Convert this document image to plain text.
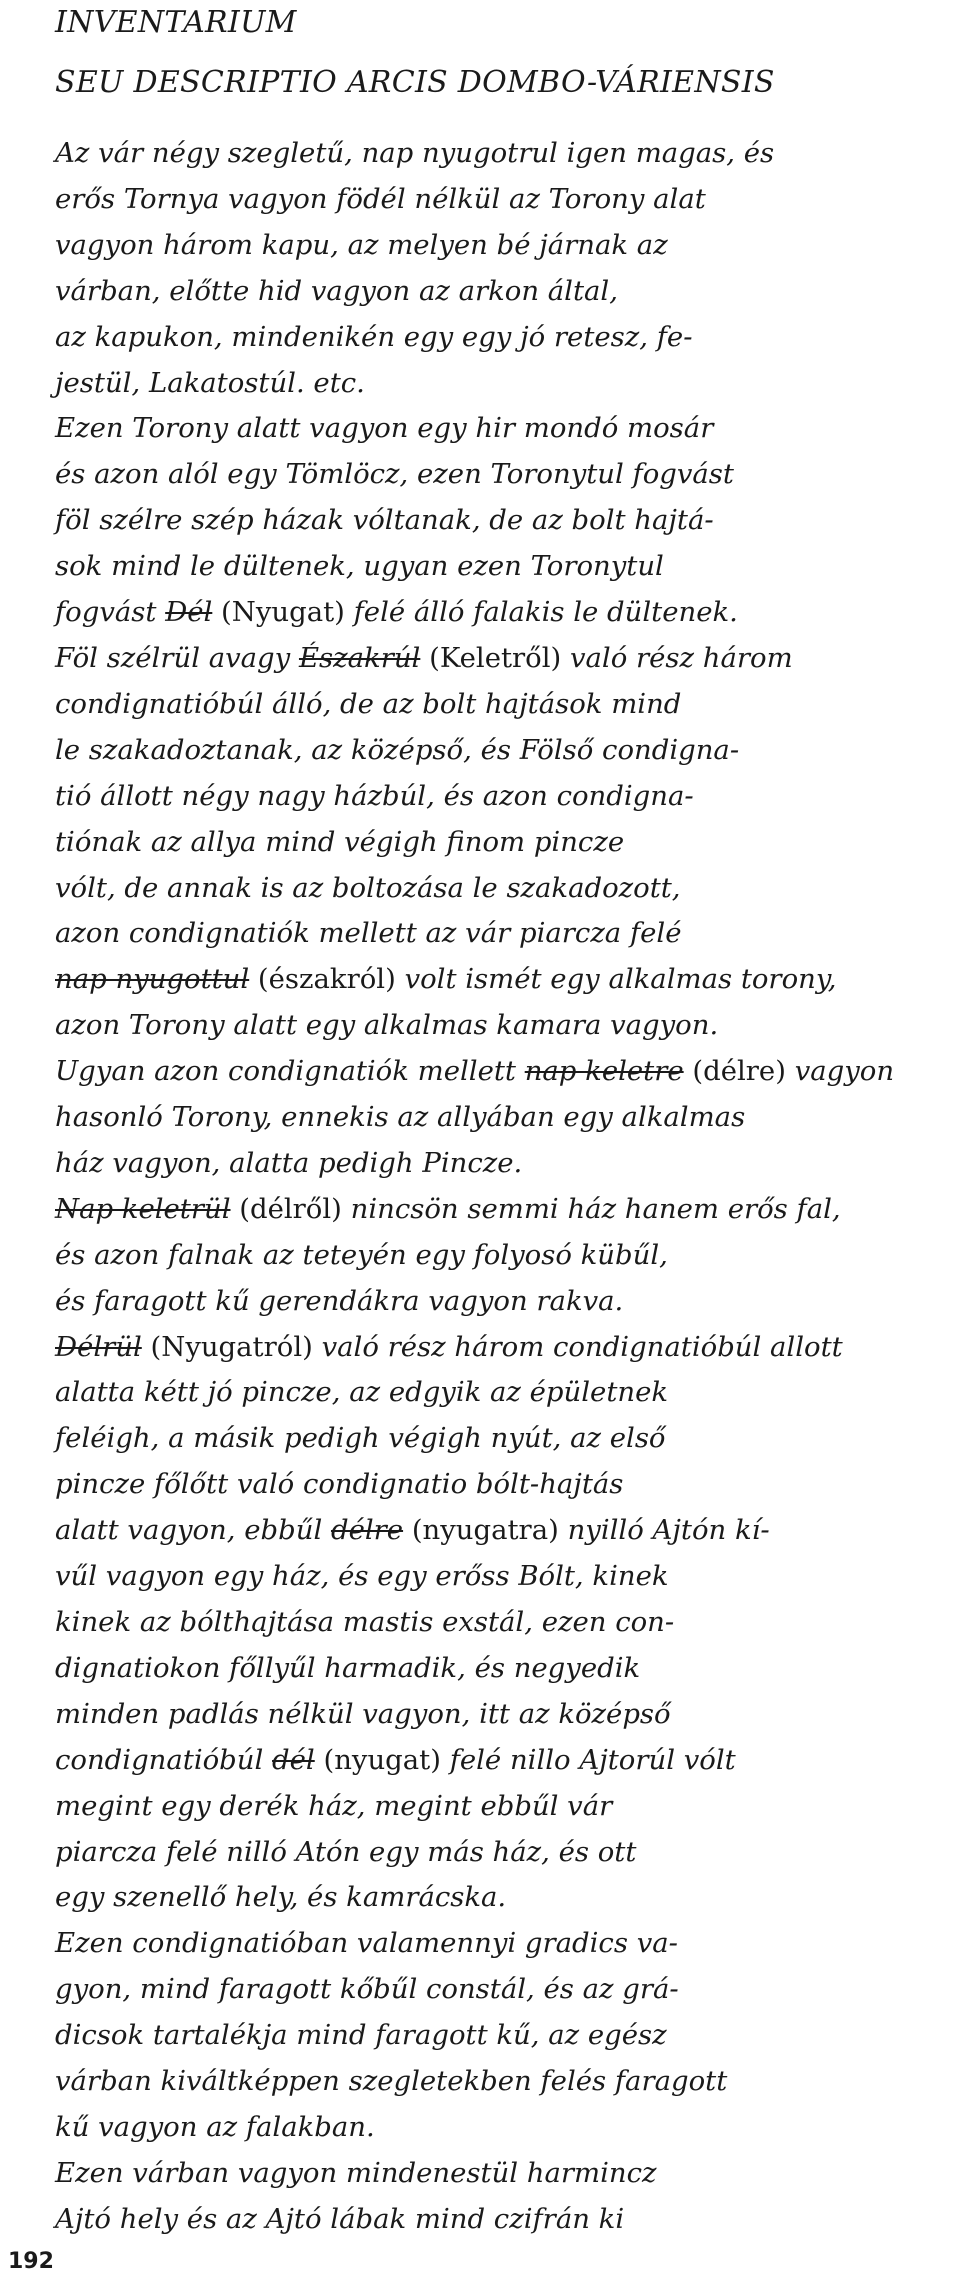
INVENTARIUM
SEU DESCRIPTIO ARCIS DOMBO-VÁRIENSIS
Az vár négy szegletű, nap nyugotrul igen magas, és
erős Tornya vagyon födél nélkül az Torony alat
vagyon három kapu, az melyen bé járnak az
várban, előtte hid vagyon az arkon által,
az kapukon, mindenikén egy egy jó retesz, fe-
jestül, Lakatostúl. etc.
Ezen Torony alatt vagyon egy hir mondó mosár
és azon alól egy Tömlöcz, ezen Toronytul fogvást
föl szélre szép házak vóltanak, de az bolt hajtá-
sok mind le dültenek, ugyan ezen Toronytul
fogvást Dél (Nyugat) felé álló falakis le dültenek.
Föl szélrül avagy Északrúl (Keletről) való rész három
condignatióbúl álló, de az bolt hajtások mind
le szakadoztanak, az középső, és Fölső condigna-
tió állott négy nagy házbúl, és azon condigna-
tiónak az allya mind végigh finom pincze
vólt, de annak is az boltozása le szakadozott,
azon condignatiók mellett az vár piarcza felé
nap nyugottul (északról) volt ismét egy alkalmas torony,
azon Torony alatt egy alkalmas kamara vagyon.
Ugyan azon condignatiók mellett nap keletre (délre) vagyon
hasonló Torony, ennekis az allyában egy alkalmas
ház vagyon, alatta pedigh Pincze.
Nap keletrül (délről) nincsön semmi ház hanem erős fal,
és azon falnak az teteyén egy folyosó kübűl,
és faragott kű gerendákra vagyon rakva.
Délrül (Nyugatról) való rész három condignatióbúl allott
alatta kétt jó pincze, az edgyik az épületnek
feléigh, a másik pedigh végigh nyút, az első
pincze főlőtt való condignatio bólt-hajtás
alatt vagyon, ebbűl délre (nyugatra) nyilló Ajtón kí-
vűl vagyon egy ház, és egy erőss Bólt, kinek
kinek az bólthajtása mastis exstál, ezen con-
dignatiokon főllyűl harmadik, és negyedik
minden padlás nélkül vagyon, itt az középső
condignatióbúl dél (nyugat) felé nillo Ajtorúl vólt
megint egy derék ház, megint ebbűl vár
piarcza felé nilló Atón egy más ház, és ott
egy szenellő hely, és kamrácska.
Ezen condignatióban valamennyi gradics va-
gyon, mind faragott kőbűl constál, és az grá-
dicsok tartalékja mind faragott kű, az egész
várban kiváltképpen szegletekben felés faragott
kű vagyon az falakban.
Ezen várban vagyon mindenestül harmincz
Ajtó hely és az Ajtó lábak mind czifrán ki
192
